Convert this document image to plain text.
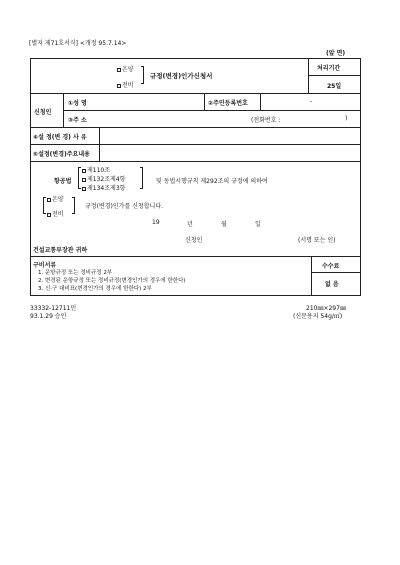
[별지 제71호서식] <개정 95.7.14>
(앞 면)
온양
전비
규정(변경)인가신청서
처리기간
25일
신청인
①성 명	②주민등록번호	-
③주 소	(전화번호 :	)
④설 정(변 경) 사 유
⑤설정(변경)주요내용
항공법
제110조
제132조제4항
제134조제3항
및 동법시행규칙 제292조의 규정에 의하여
온양
전비
규정(변경)인가를 신청합니다.
19	년	월	일
신청인	(서명 또는 인)
건설교통부장관 귀하
구비서류
1. 운항규정 또는 정비규정 2부
2. 변경된 운항규정 또는 정비규정(변경인가의 경우에 한한다)
3. 신·구 대비표(변경인가의 경우에 한한다) 2부
수수료
없 음
33332-12711민
93.1.29 승인
210㎜×297㎜
(신문용지 54g/㎡)
